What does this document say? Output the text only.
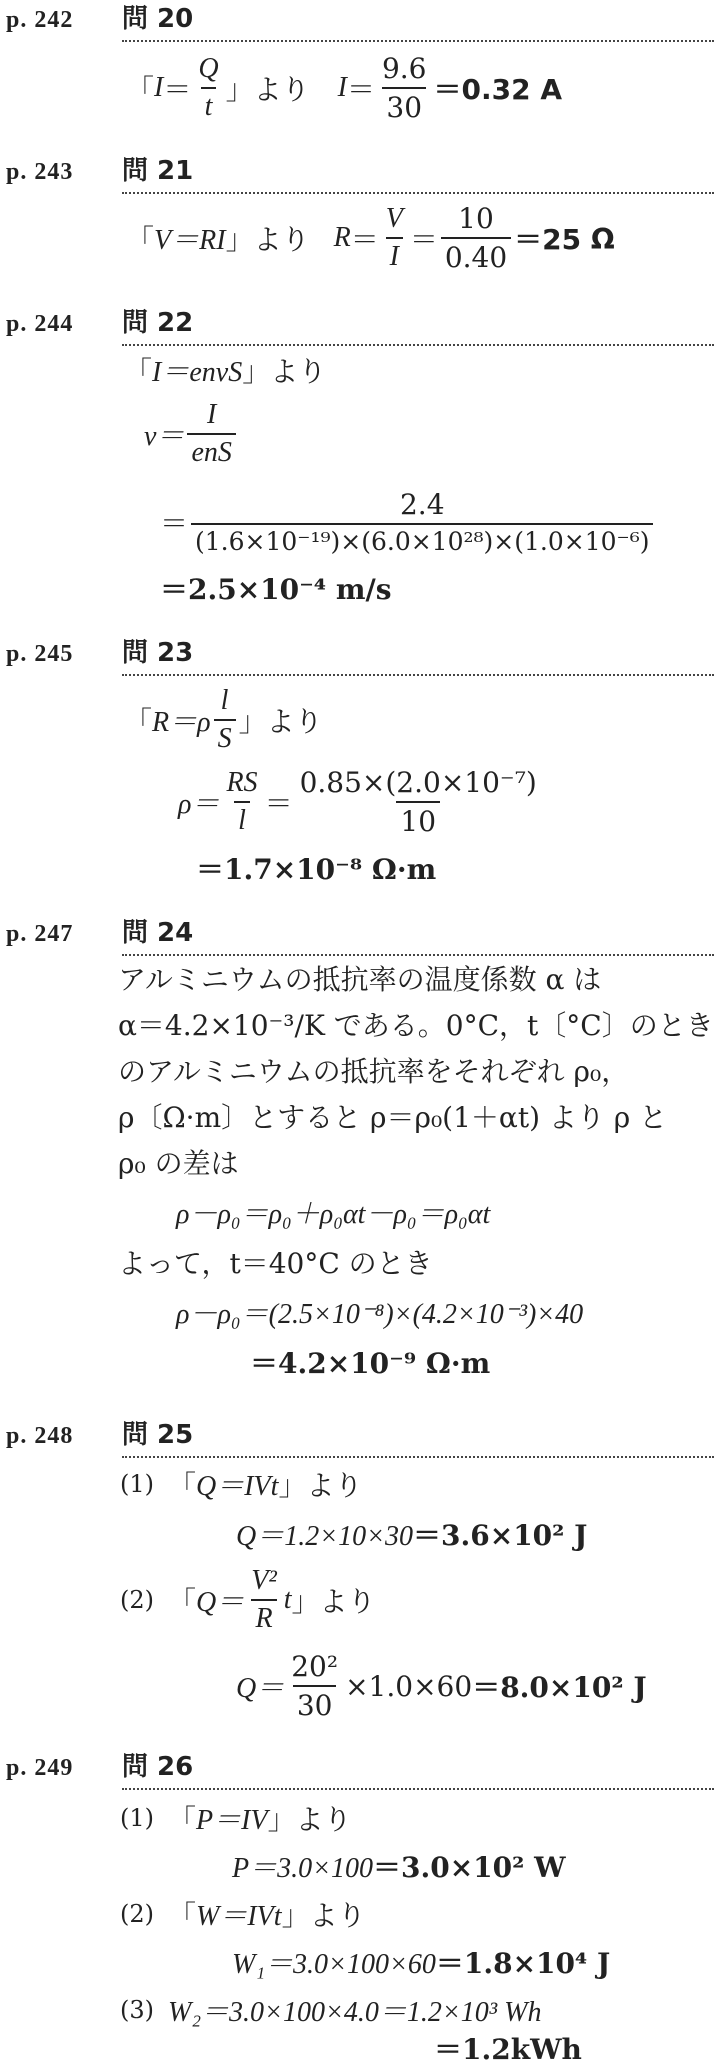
p. 242 問 20
「 $I = \frac{Q}{t}$ 」より $I = \frac{9.6}{30} =0.32$ A
p. 243 問 21
「 V＝RI 」より $R = \frac{V}{I} = \frac{10}{0.40} =25$ Ω
p. 244 問 22
「 I＝envS 」より
$v= \frac{I}{\text{enS}}$
＝ $\frac{2.4}{\text{(1.6×10⁻¹⁹)×(6.0×10²⁸)×(1.0×10⁻⁶)}}$
＝2.5×10⁻⁴ m/s
p. 245 問 23
「 $R=\rho \frac{l}{S}$ 」より
$\rho= \frac{RS}{l} = \frac{\text{0.85×(2.0×10⁻⁷)}}{10}$
＝1.7×10⁻⁸ Ω·m
p. 247 問 24
アルミニウムの抵抗率の温度係数 α は
α＝4.2×10⁻³/K である。0°C，t〔°C〕のとき
のアルミニウムの抵抗率をそれぞれ ρ₀，
ρ〔Ω·m〕とすると ρ＝ρ₀(1＋αt) より ρ と
ρ₀ の差は
ρ－ρ₀＝ρ₀＋ρ₀αt－ρ₀＝ρ₀αt
よって，t＝40°C のとき
ρ－ρ₀＝(2.5×10⁻⁸)×(4.2×10⁻³)×40
＝4.2×10⁻⁹ Ω·m
p. 248 問 25
(1) 「 Q＝IVt 」より
Q＝1.2×10×30 ＝3.6×10² J
(2) 「 $Q= \frac{\text{V²}}{R}$ t 」より
$Q= \frac{\text{20²}}{30} \times 1.0\times 60 =8.0\times 10^2$ J
p. 249 問 26
(1) 「 P＝IV 」より
P＝3.0×100 ＝3.0×10² W
(2) 「 W＝IVt 」より
W₁＝3.0×100×60 ＝1.8×10⁴ J
(3) W₂＝3.0×100×4.0＝1.2×10³ Wh
＝1.2kWh
